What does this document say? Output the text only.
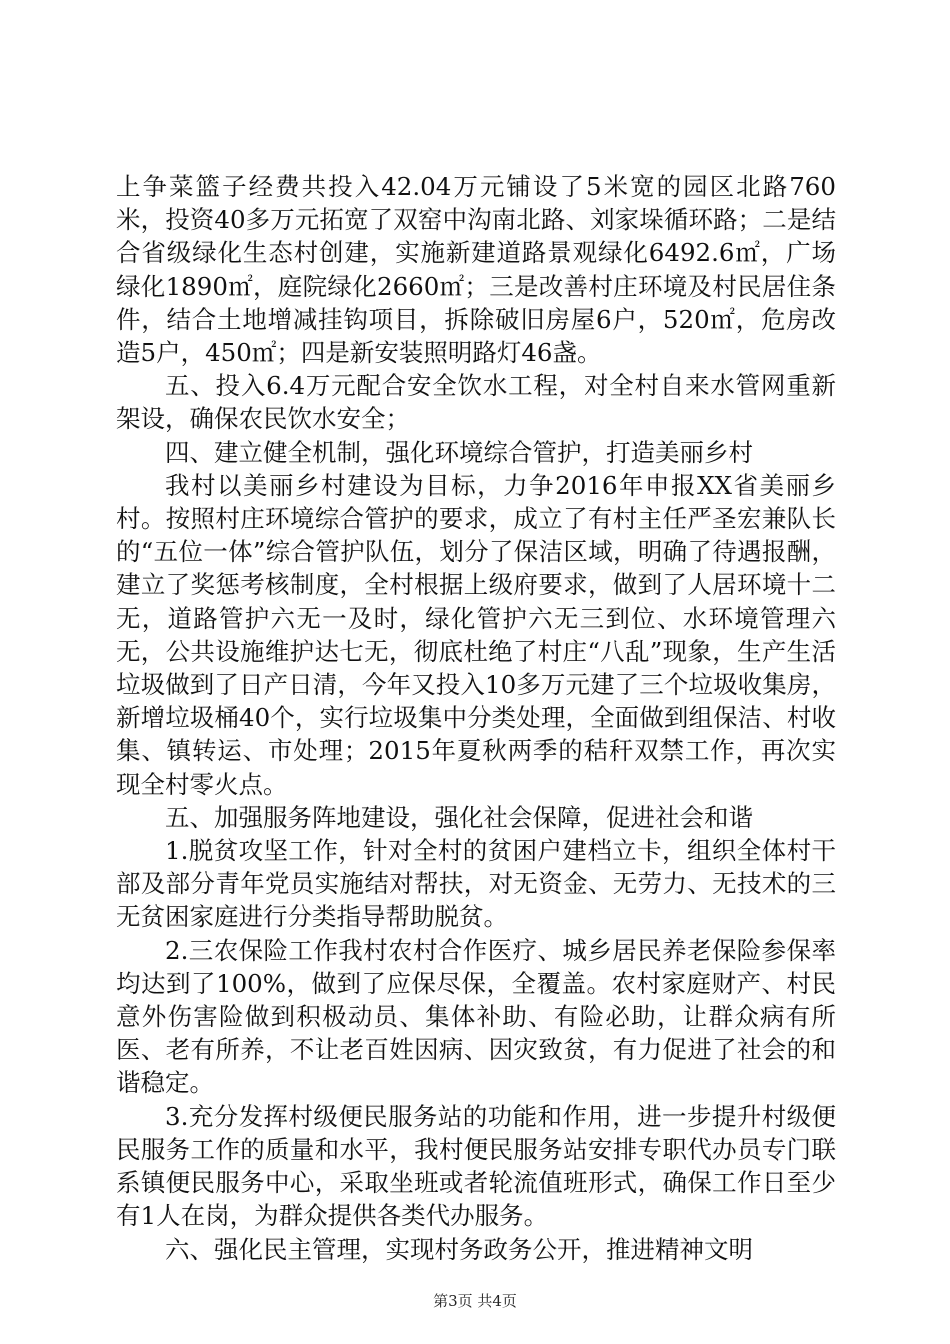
上争菜篮子经费共投入42.04万元铺设了5米宽的园区北路760米，投资40多万元拓宽了双窑中沟南北路、刘家垛循环路；二是结合省级绿化生态村创建，实施新建道路景观绿化6492.6㎡，广场绿化1890㎡，庭院绿化2660㎡；三是改善村庄环境及村民居住条件，结合土地增减挂钩项目，拆除破旧房屋6户，520㎡，危房改造5户，450㎡；四是新安装照明路灯46盏。

五、投入6.4万元配合安全饮水工程，对全村自来水管网重新架设，确保农民饮水安全；

四、建立健全机制，强化环境综合管护，打造美丽乡村

我村以美丽乡村建设为目标，力争2016年申报XX省美丽乡村。按照村庄环境综合管护的要求，成立了有村主任严圣宏兼队长的“五位一体”综合管护队伍，划分了保洁区域，明确了待遇报酬，建立了奖惩考核制度，全村根据上级府要求，做到了人居环境十二无，道路管护六无一及时，绿化管护六无三到位、水环境管理六无，公共设施维护达七无，彻底杜绝了村庄“八乱”现象，生产生活垃圾做到了日产日清，今年又投入10多万元建了三个垃圾收集房，新增垃圾桶40个，实行垃圾集中分类处理，全面做到组保洁、村收集、镇转运、市处理；2015年夏秋两季的秸秆双禁工作，再次实现全村零火点。

五、加强服务阵地建设，强化社会保障，促进社会和谐

1.脱贫攻坚工作，针对全村的贫困户建档立卡，组织全体村干部及部分青年党员实施结对帮扶，对无资金、无劳力、无技术的三无贫困家庭进行分类指导帮助脱贫。

2.三农保险工作我村农村合作医疗、城乡居民养老保险参保率均达到了100%，做到了应保尽保，全覆盖。农村家庭财产、村民意外伤害险做到积极动员、集体补助、有险必助，让群众病有所医、老有所养，不让老百姓因病、因灾致贫，有力促进了社会的和谐稳定。

3.充分发挥村级便民服务站的功能和作用，进一步提升村级便民服务工作的质量和水平，我村便民服务站安排专职代办员专门联系镇便民服务中心，采取坐班或者轮流值班形式，确保工作日至少有1人在岗，为群众提供各类代办服务。

六、强化民主管理，实现村务政务公开，推进精神文明

第3页 共4页
